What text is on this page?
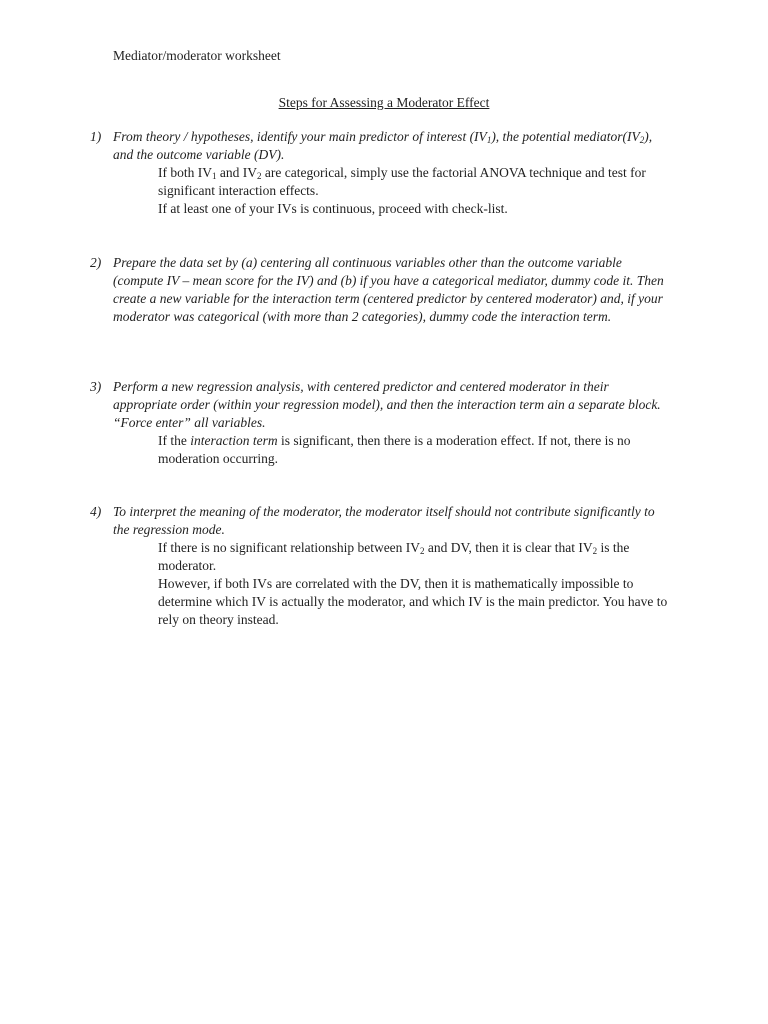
Mediator/moderator worksheet
Steps for Assessing a Moderator Effect
1) From theory / hypotheses, identify your main predictor of interest $(IV_1)$, the potential $mediator(IV_2)$, and the outcome variable (DV).
If both $IV_1$ and $IV_2$ are categorical, simply use the factorial ANOVA technique and test for significant interaction effects.
If at least one of your IVs is continuous, proceed with check-list.
2) Prepare the data set by (a) centering all continuous variables other than the outcome variable (compute IV – mean score for the IV) and (b) if you have a categorical mediator, dummy code it. Then create a new variable for the interaction term (centered predictor by centered moderator) and, if your moderator was categorical (with more than 2 categories), dummy code the interaction term.
3) Perform a new regression analysis, with centered predictor and centered moderator in their appropriate order (within your regression model), and then the interaction term ain a separate block. “Force enter” all variables.
If the interaction term is significant, then there is a moderation effect. If not, there is no moderation occurring.
4) To interpret the meaning of the moderator, the moderator itself should not contribute significantly to the regression mode.
If there is no significant relationship between $IV_2$ and DV, then it is clear that $IV_2$ is the moderator.
However, if both IVs are correlated with the DV, then it is mathematically impossible to determine which IV is actually the moderator, and which IV is the main predictor. You have to rely on theory instead.
